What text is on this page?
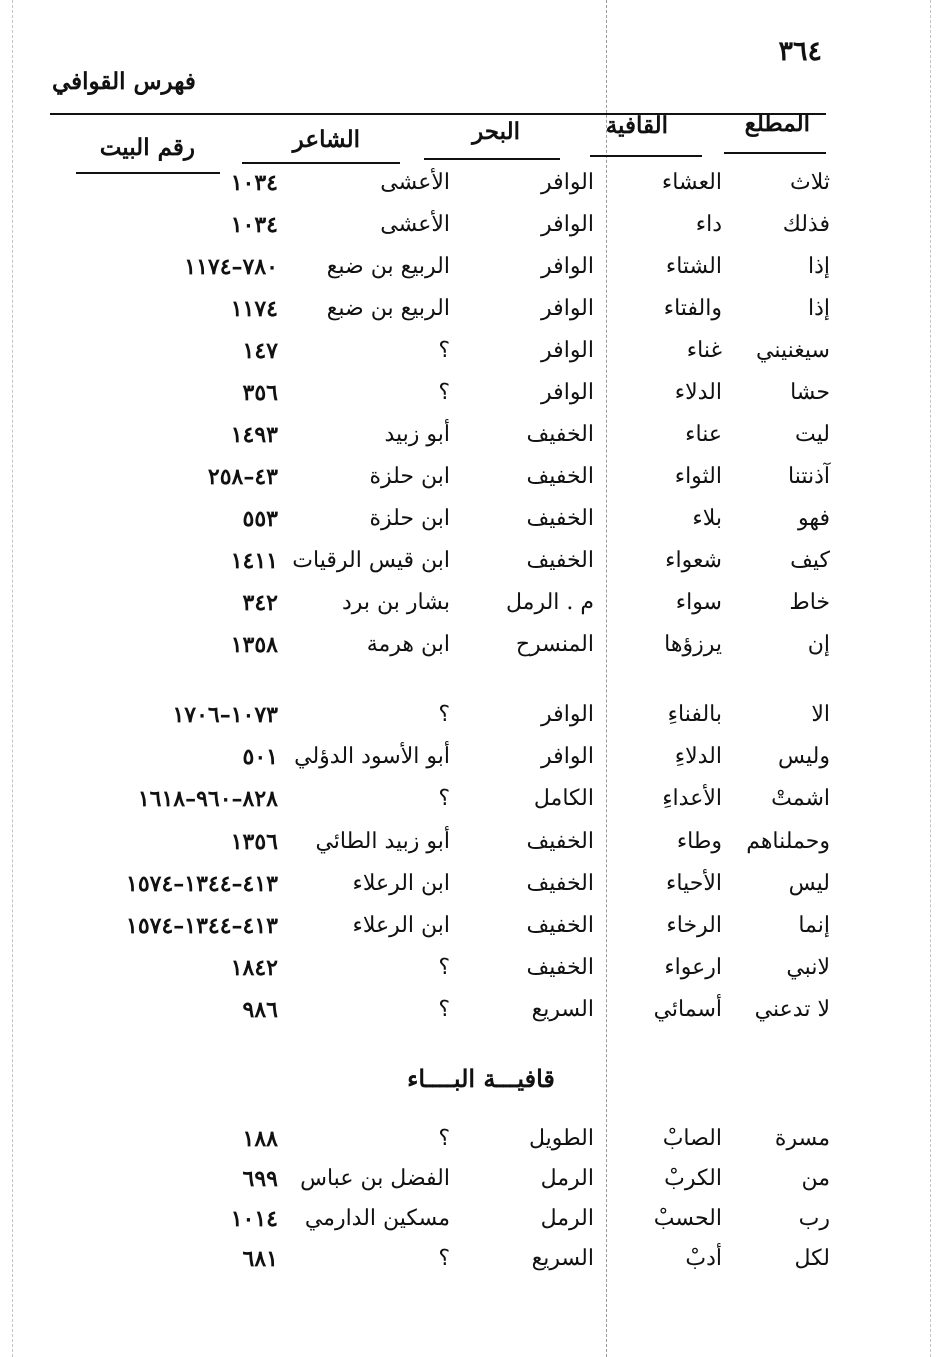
٣٦٤
فهرس القوافي
المطلع
القافية
البحر
الشاعر
رقم البيت
ثلاث
العشاء
الوافر
الأعشى
١٠٣٤
فذلك
داء
الوافر
الأعشى
١٠٣٤
إذا
الشتاء
الوافر
الربيع بن ضبع
٧٨٠–١١٧٤
إذا
والفتاء
الوافر
الربيع بن ضبع
١١٧٤
سيغنيني
غناء
الوافر
؟
١٤٧
حشا
الدلاء
الوافر
؟
٣٥٦
ليت
عناء
الخفيف
أبو زبيد
١٤٩٣
آذنتنا
الثواء
الخفيف
ابن حلزة
٤٣–٢٥٨
فهو
بلاء
الخفيف
ابن حلزة
٥٥٣
كيف
شعواء
الخفيف
ابن قيس الرقيات
١٤١١
خاط
سواء
م . الرمل
بشار بن برد
٣٤٢
إن
يرزؤها
المنسرح
ابن هرمة
١٣٥٨
الا
بالفناءِ
الوافر
؟
١٠٧٣–١٧٠٦
وليس
الدلاءِ
الوافر
أبو الأسود الدؤلي
٥٠١
اشمتْ
الأعداءِ
الكامل
؟
٨٢٨–٩٦٠–١٦١٨
وحملناهم
وطاء
الخفيف
أبو زبيد الطائي
١٣٥٦
ليس
الأحياء
الخفيف
ابن الرعلاء
٤١٣–١٣٤٤–١٥٧٤
إنما
الرخاء
الخفيف
ابن الرعلاء
٤١٣–١٣٤٤–١٥٧٤
لانبي
ارعواء
الخفيف
؟
١٨٤٢
لا تدعني
أسمائي
السريع
؟
٩٨٦
مسرة
الصابْ
الطويل
؟
١٨٨
من
الكربْ
الرمل
الفضل بن عباس
٦٩٩
رب
الحسبْ
الرمل
مسكين الدارمي
١٠١٤
لكل
أدبْ
السريع
؟
٦٨١
قافيـــة البــــاء
